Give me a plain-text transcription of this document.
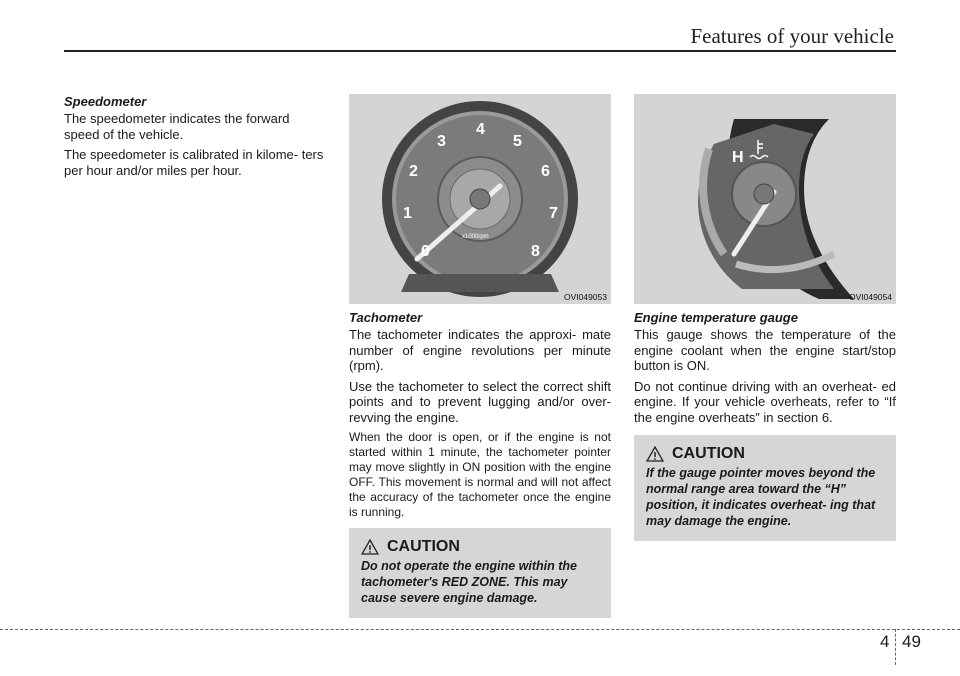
Features of your vehicle
Speedometer

The speedometer indicates the forward speed of the vehicle.

The speedometer is calibrated in kilome- ters per hour and/or miles per hour.

0
1
2
3
4
5
6
7
8
x1000rpm
OVI049053
Tachometer

The tachometer indicates the approxi- mate number of engine revolutions per minute (rpm).

Use the tachometer to select the correct shift points and to prevent lugging and/or over-revving the engine.

When the door is open, or if the engine is not started within 1 minute, the tachometer pointer may move slightly in ON position with the engine OFF. This movement is normal and will not affect the accuracy of the tachometer once the engine is running.

CAUTION
Do not operate the engine within the tachometer's RED ZONE. This may cause severe engine damage.
H
OVI049054
Engine temperature gauge

This gauge shows the temperature of the engine coolant when the engine start/stop button is ON.

Do not continue driving with an overheat- ed engine. If your vehicle overheats, refer to “If the engine overheats” in section 6.

CAUTION
If the gauge pointer moves beyond the normal range area toward the “H” position, it indicates overheat- ing that may damage the engine.
4 49
